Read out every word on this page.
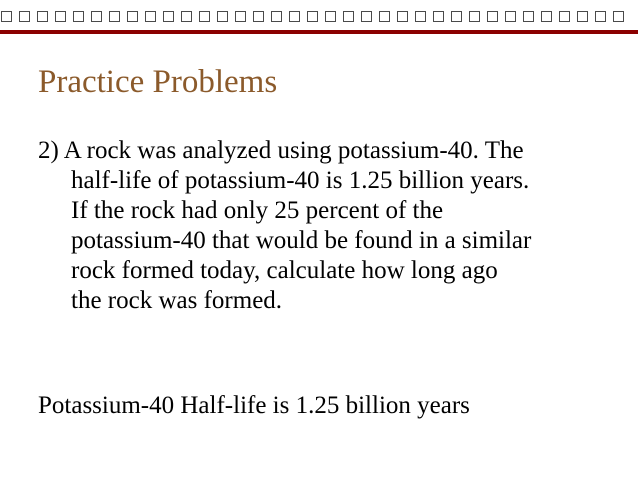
Practice Problems
2) A rock was analyzed using potassium-40. The
half-life of potassium-40 is 1.25 billion years.
If the rock had only 25 percent of the
potassium-40 that would be found in a similar
rock formed today, calculate how long ago
the rock was formed.
Potassium-40 Half-life is 1.25 billion years
